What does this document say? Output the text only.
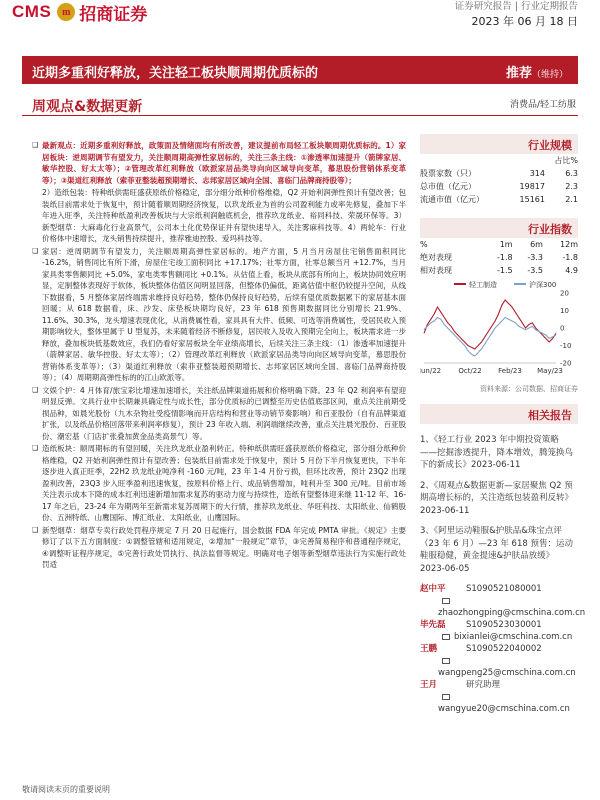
CMS	m 招商证券	证券研究报告 | 行业定期报告
2023 年 06 月 18 日
近期多重利好释放，关注轻工板块顺周期优质标的	推荐（维持）
周观点&数据更新	消费品/轻工纺服
❑ 最新观点：近期多重利好释放，政策面及情绪面均有所改善，建议提前布局轻工板块顺周期优质标的。1）家居板块：逆周期调节有望发力，关注顺周期高弹性家居标的，关注三条主线：①渗透率加速提升（箭牌家居、敏华控股、好太太等）；②管理改革红利释放（欧派家居品类导向向区域导向变革，慕思股份营销体系变革等）；③渠道红利释放（索菲亚整装超预期增长、志邦家居区域向全国、喜临门品牌商持股等）；
2）造纸包装：特种纸供需旺盛获原纸价格稳定，部分细分纸种价格维稳，Q2 开始利润弹性预计有望改善；包装纸目前需求处于恢复中，预计随着顺周期经济恢复，以玖龙纸业为首的公司盈利能力或率先修复，叠加下半年进入旺季，关注特种纸盈利改善板块与大宗纸利润触底机会，推荐玖龙纸业、裕同科技、荣晟环保等。3）新型烟草：大麻毒化行业高景气，公司本土化优势保证并有望快速导入，关注雾麻科技等。4）两轮车：行业价格体中速增长，龙头销售持续提升，推荐雅迪控股、爱玛科技等。
❑ 家居：逆周期调节有望发力，关注顺周期高弹性家居标的。地产方面，5 月当月房屋住宅销售面积同比 -16.2%，销售同比有所下滑，房屋住宅竣工面积同比 +17.17%；社零方面，社零总额当月 +12.7%，当月家具类零售额同比 +5.0%，家电类零售额同比 +0.1%。从估值上看，板块从底部有所向上，板块协同效应明显，定制整体表现好于软体，板块整体估值区间明显回落，但整体仍偏低，距离估值中枢仍较提升空间，从线下数据看，5 月整体家居终端需求维持良好趋势，整体仍保持良好趋势，后续有望优质数据累下的家居基本面回暖；从 618 数据看，床、沙发、床垫板块期均良好，23 年 618 预售期数据同比分别增长 21.9%、11.6%、30.3%，龙头增速表现优化，从消费属性看，家具具有大件、低频、可选等消费属性，受居民收入预期影响较大，整体里属于 U 型复苏，未来随着经济不断修复，居民收入及收入预期完全向上，板块需求进一步释放，叠加板块低基数效应，我们仍看好家居板块全年业绩高增长，后续关注三条主线：（1）渗透率加速提升（箭牌家居、敏华控股、好太太等）；（2）管理改革红利释放（欧派家居品类导向向区域导向变革，慕思股份营销体系变革等）；（3）渠道红利释放（索菲亚整装超预期增长、志邦家居区域向全国、喜临门品牌商持股等）；（4）周期期高弹性标的的江山欧派等。
❑ 文娱个护：4 月体育/旅宝彩比增速加速增长，关注纸品牌渠道拓展和价格明确下降。23 年 Q2 利润率有望迎明显反弹。文具行业中长期兼具确定性与成长性，部分优质标的已调整至历史估值底部区间，重点关注前期受损品种，如晨光股份（九木杂物社受疫情影响而开店结构和营业等动销节奏影响）和百亚股份（自有品牌渠道扩张，以及纸品价格回落带来利润率修复），预计 23 年收入端、利润端继续改善，重点关注晨光股份、百亚股份、潮宏基（门店扩张叠加黄金品类高景气）等。
❑ 造纸板块：顺周期标的有望回暖，关注玖龙纸业盈利转正。特种纸供需旺盛获原纸价格稳定，部分细分纸种价格维稳，Q2 开始利润弹性预计有望改善；包装纸目前需求处于恢复中，预计 5 月份下半月恢复更快，下半年逐步进入真正旺季，22H2 玖龙纸业吨净利 -160 元/吨，23 年 1-4 月份亏损，但环比改善，预计 23Q2 出现盈利改善，23Q3 步入旺季盈利迅速恢复，按原料价格上行、成品销售增加，吨利升至 300 元/吨。目前市场关注表示成本下降的成本红利迅速新增加需求复苏的驱动力度与持续性，造纸有望整体迎来继 11-12 年、16-17 年之后，23-24 年为期两年至新需求复苏周期下的大行情，推荐玖龙纸业、华旺科技、太阳纸业、仙鹤股份、五洲特纸、山鹰国际、博汇纸业、太阳纸业，山鹰国际。
❑ 新型烟草：烟草专卖行政处罚程序规定 7 月 20 日起施行，国会数据 FDA 年完成 PMTA 审批。《规定》主要修订了以下五方面制度：①调整管辖和适用规定，②增加“一般规定”章节，③完善简易程序和普通程序规定，④调整听证程序规定，⑤完善行政处罚执行、执法监督等规定。明确对电子烟等新型烟草违法行为实施行政处罚适
行业规模
		占比%
股票家数（只）	314	6.3
总市值（亿元）	19817	2.3
流通市值（亿元）	15161	2.1
行业指数
%	1m	6m	12m
绝对表现	-1.8	-3.3	-1.8
相对表现	-1.5	-3.5	4.9
轻工制造	沪深300
20
10
0
-10
-20
Jun/22 Oct/22 Feb/23 May/23
资料来源：公司数据、招商证券
相关报告
1、《轻工行业 2023 年中期投资策略 ——挖掘渗透提升，降本增效，腾笼换鸟下的新成长》2023-06-11
2、《周观点&数据更新—家居聚焦 Q2 预期高增长标的，关注造纸包装盈利反转》2023-06-11
3、《阿里运动鞋服&护肤品&珠宝点评（23 年 6 月）—23 年 618 预售：运动鞋服稳健，黄金提速&护肤品放缓》2023-06-05
赵中平 S1090521080001
zhaozhongping@cmschina.com.cn
毕先磊 S1090523030001
bixianlei@cmschina.com.cn
王鹏	S1090522040002
wangpeng25@cmschina.com.cn
王月	研究助理
wangyue20@cmschina.com.cn
敬请阅读末页的重要说明
